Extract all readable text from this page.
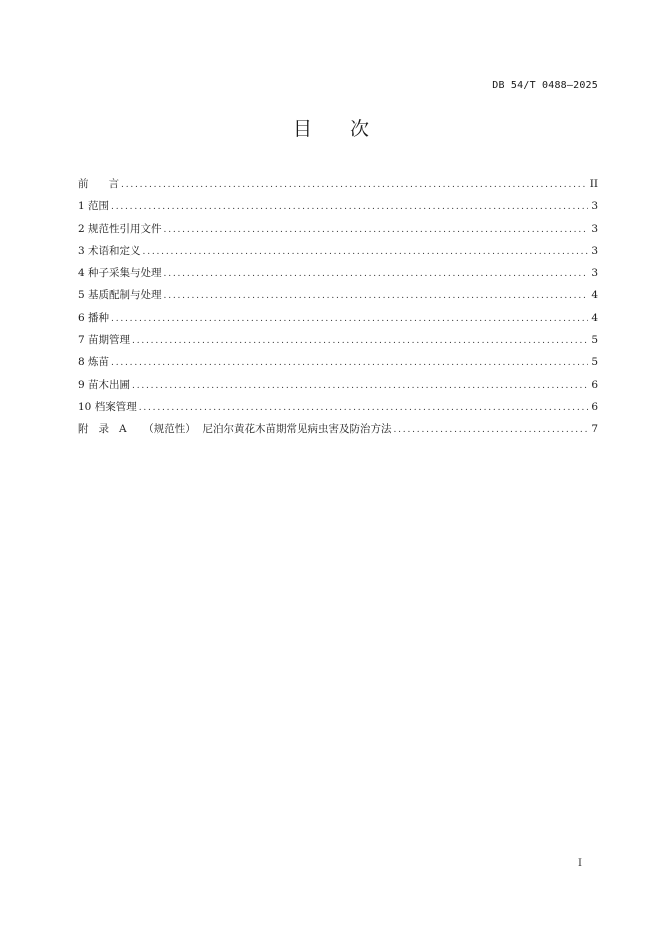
DB 54/T 0488—2025
目 次
前      言 .....	II
1 范围 .....	3
2 规范性引用文件 .....	3
3 术语和定义 .....	3
4 种子采集与处理 .....	3
5 基质配制与处理 .....	4
6 播种 .....	4
7 苗期管理 .....	5
8 炼苗 .....	5
9 苗木出圃 .....	6
10 档案管理 .....	6
附   录   A     （规范性）  尼泊尔黄花木苗期常见病虫害及防治方法 .....	7
I
